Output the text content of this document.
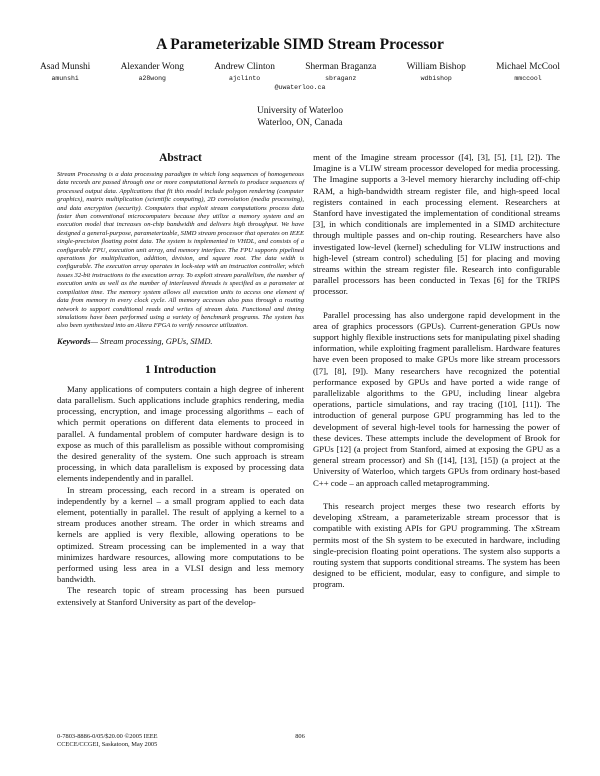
A Parameterizable SIMD Stream Processor
Asad Munshi
amunshi
Alexander Wong
a28wong
Andrew Clinton
ajclinto
Sherman Braganza
sbraganz
William Bishop
wdbishop
Michael McCool
mmccool
@uwaterloo.ca
University of Waterloo
Waterloo, ON, Canada
Abstract

Stream Processing is a data processing paradigm in which long sequences of homogeneous data records are passed through one or more computational kernels to produce sequences of processed output data. Applications that fit this model include polygon rendering (computer graphics), matrix multiplication (scientific computing), 2D convolution (media processing), and data encryption (security). Computers that exploit stream computations process data faster than conventional microcomputers because they utilize a memory system and an execution model that increases on-chip bandwidth and delivers high throughput. We have designed a general-purpose, parameterizable, SIMD stream processor that operates on IEEE single-precision floating point data. The system is implemented in VHDL, and consists of a configurable FPU, execution unit array, and memory interface. The FPU supports pipelined operations for multiplication, addition, division, and square root. The data width is configurable. The execution array operates in lock-step with an instruction controller, which issues 32-bit instructions to the execution array. To exploit stream parallelism, the number of execution units as well as the number of interleaved threads is specified as a parameter at compilation time. The memory system allows all execution units to access one element of data from memory in every clock cycle. All memory accesses also pass through a routing network to support conditional reads and writes of stream data. Functional and timing simulations have been performed using a variety of benchmark programs. The system has also been synthesized into an Altera FPGA to verify resource utilization.

Keywords— Stream processing, GPUs, SIMD.

1 Introduction

Many applications of computers contain a high degree of inherent data parallelism. Such applications include graphics rendering, media processing, encryption, and image processing algorithms – each of which permit operations on different data elements to proceed in parallel. A fundamental problem of computer hardware design is to expose as much of this parallelism as possible without compromising the desired generality of the system. One such approach is stream processing, in which data parallelism is exposed by processing data elements independently and in parallel.

In stream processing, each record in a stream is operated on independently by a kernel – a small program applied to each data element, potentially in parallel. The result of applying a kernel to a stream produces another stream. The order in which streams and kernels are applied is very flexible, allowing operations to be optimized. Stream processing can be implemented in a way that minimizes hardware resources, allowing more computations to be performed using less area in a VLSI design and less memory bandwidth.

The research topic of stream processing has been pursued extensively at Stanford University as part of the develop-

ment of the Imagine stream processor ([4], [3], [5], [1], [2]). The Imagine is a VLIW stream processor developed for media processing. The Imagine supports a 3-level memory hierarchy including off-chip RAM, a high-bandwidth stream register file, and high-speed local registers contained in each processing element. Researchers at Stanford have investigated the implementation of conditional streams [3], in which conditionals are implemented in a SIMD architecture through multiple passes and on-chip routing. Researchers have also investigated low-level (kernel) scheduling for VLIW instructions and high-level (stream control) scheduling [5] for placing and moving streams within the stream register file. Research into configurable parallel processors has been conducted in Texas [6] for the TRIPS processor.

Parallel processing has also undergone rapid development in the area of graphics processors (GPUs). Current-generation GPUs now support highly flexible instructions sets for manipulating pixel shading information, while exploiting fragment parallelism. Hardware features have even been proposed to make GPUs more like stream processors ([7], [8], [9]). Many researchers have recognized the potential performance exposed by GPUs and have ported a wide range of parallelizable algorithms to the GPU, including linear algebra operations, particle simulations, and ray tracing ([10], [11]). The introduction of general purpose GPU programming has led to the development of several high-level tools for harnessing the power of these devices. These attempts include the development of Brook for GPUs [12] (a project from Stanford, aimed at exposing the GPU as a general stream processor) and Sh ([14], [13], [15]) (a project at the University of Waterloo, which targets GPUs from ordinary host-based C++ code – an approach called metaprogramming.

This research project merges these two research efforts by developing xStream, a parameterizable stream processor that is compatible with existing APIs for GPU programming. The xStream permits most of the Sh system to be executed in hardware, including single-precision floating point operations. The system also supports a routing system that supports conditional streams. The system has been designed to be efficient, modular, easy to configure, and simple to program.

0-7803-8886-0/05/$20.00 ©2005 IEEE
CCECE/CCGEI, Saskatoon, May 2005
806
